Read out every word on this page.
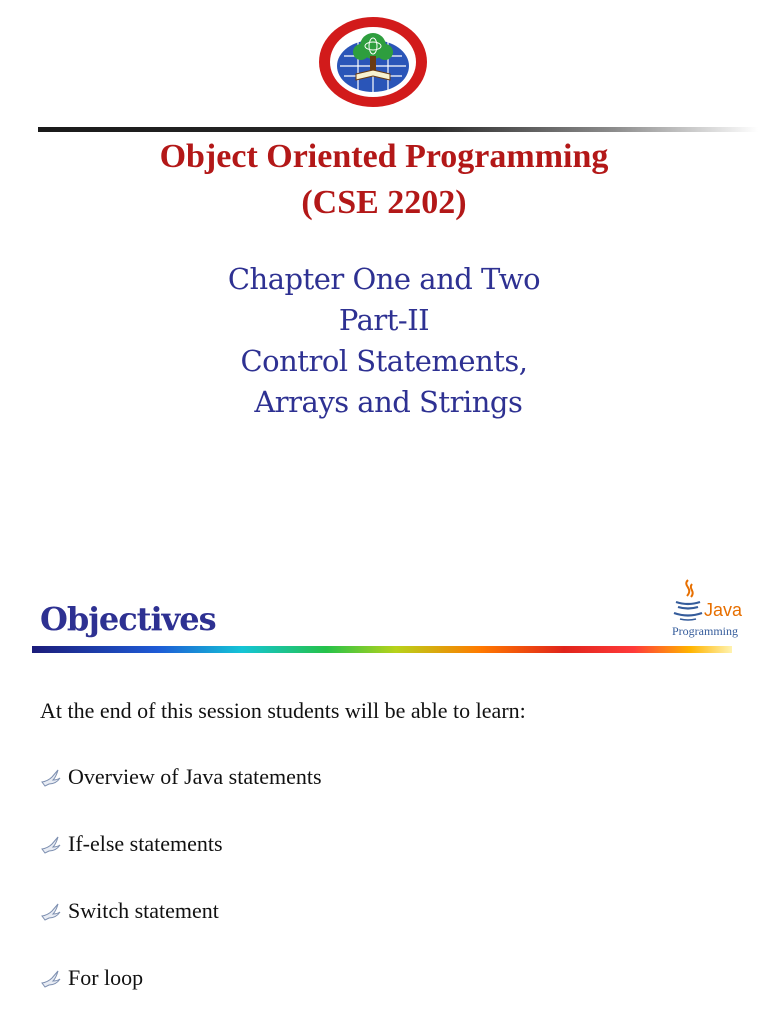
Object Oriented Programming
(CSE 2202)
Chapter One and Two
Part-II
Control Statements,
Arrays and Strings
Objectives	Java
Programming

At the end of this session students will be able to learn:

Overview of Java statements
If-else statements
Switch statement
For loop
